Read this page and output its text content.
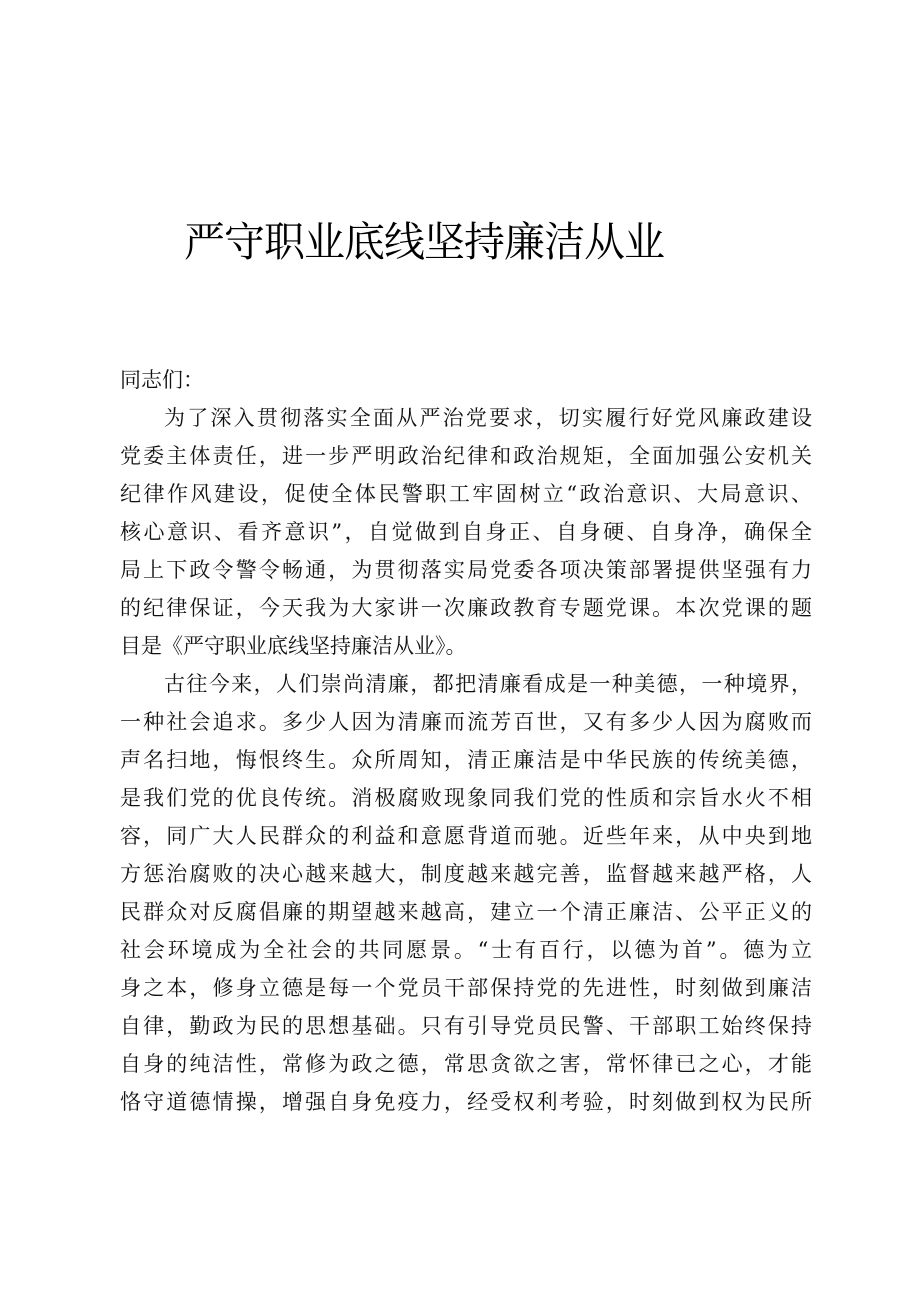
严守职业底线坚持廉洁从业
同志们：
为了深入贯彻落实全面从严治党要求，切实履行好党风廉政建设
党委主体责任，进一步严明政治纪律和政治规矩，全面加强公安机关
纪律作风建设，促使全体民警职工牢固树立“政治意识、大局意识、
核心意识、看齐意识”，自觉做到自身正、自身硬、自身净，确保全
局上下政令警令畅通，为贯彻落实局党委各项决策部署提供坚强有力
的纪律保证，今天我为大家讲一次廉政教育专题党课。本次党课的题
目是《严守职业底线坚持廉洁从业》。
古往今来，人们崇尚清廉，都把清廉看成是一种美德，一种境界，
一种社会追求。多少人因为清廉而流芳百世，又有多少人因为腐败而
声名扫地，悔恨终生。众所周知，清正廉洁是中华民族的传统美德，
是我们党的优良传统。消极腐败现象同我们党的性质和宗旨水火不相
容，同广大人民群众的利益和意愿背道而驰。近些年来，从中央到地
方惩治腐败的决心越来越大，制度越来越完善，监督越来越严格，人
民群众对反腐倡廉的期望越来越高，建立一个清正廉洁、公平正义的
社会环境成为全社会的共同愿景。“士有百行，以德为首”。德为立
身之本，修身立德是每一个党员干部保持党的先进性，时刻做到廉洁
自律，勤政为民的思想基础。只有引导党员民警、干部职工始终保持
自身的纯洁性，常修为政之德，常思贪欲之害，常怀律已之心，才能
恪守道德情操，增强自身免疫力，经受权利考验，时刻做到权为民所
